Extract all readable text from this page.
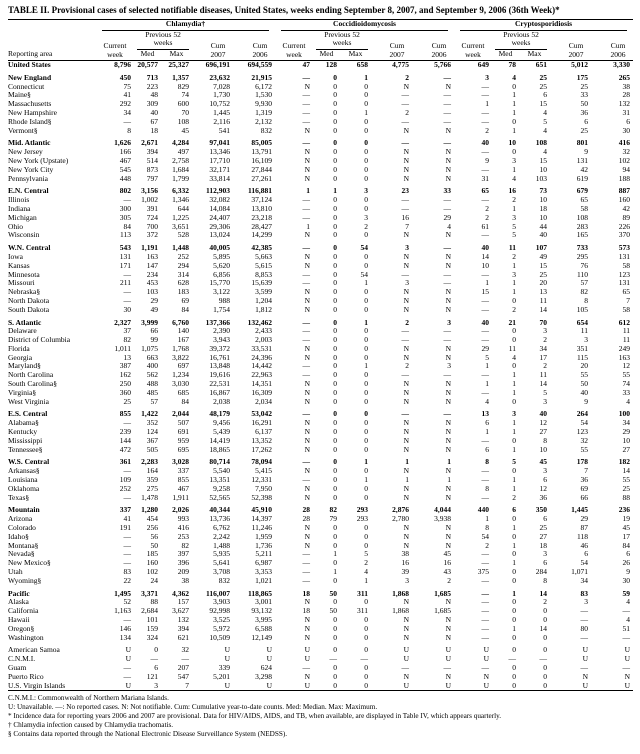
TABLE II. Provisional cases of selected notifiable diseases, United States, weeks ending September 8, 2007, and September 9, 2006 (36th Week)*
Reporting area	Chlamydia†					Coccidioidomycosis					Cryptosporidiosis				

	Current week	Previous 52 weeks		Cum 2007	Cum 2006	Current week	Previous 52 weeks		Cum 2007	Cum 2006	Current week	Previous 52 weeks		Cum 2007	Cum 2006

		Med	Max				Med	Max				Med	Max		
United States	8,796	20,577	25,327	696,191	694,559	47	128	658	4,775	5,766	649	78	651	5,012	3,330

New England	450	713	1,357	23,632	21,915	—	0	1	2	—	3	4	25	175	265
Connecticut	75	223	829	7,028	6,172	N	0	0	N	N	—	0	25	25	38
Maine§	41	48	74	1,730	1,530	—	0	0	—	—	—	1	6	33	28
Massachusetts	292	309	600	10,752	9,930	—	0	0	—	—	1	1	15	50	132
New Hampshire	34	40	70	1,445	1,319	—	0	1	2	—	—	1	4	36	31
Rhode Island§	—	67	108	2,116	2,132	—	0	0	—	—	—	0	5	6	6
Vermont§	8	18	45	541	832	N	0	0	N	N	2	1	4	25	30

Mid. Atlantic	1,626	2,671	4,284	97,041	85,005	—	0	0	—	—	40	10	108	801	416
New Jersey	166	394	497	13,346	13,791	N	0	0	N	N	—	0	4	9	32
New York (Upstate)	467	514	2,758	17,710	16,109	N	0	0	N	N	9	3	15	131	102
New York City	545	873	1,684	32,171	27,844	N	0	0	N	N	—	1	10	42	94
Pennsylvania	448	797	1,799	33,814	27,261	N	0	0	N	N	31	4	103	619	188

E.N. Central	802	3,156	6,332	112,903	116,881	1	1	3	23	33	65	16	73	679	887
Illinois	—	1,002	1,346	32,082	37,124	—	0	0	—	—	—	2	10	65	160
Indiana	300	391	644	14,084	13,810	—	0	0	—	—	2	1	18	58	42
Michigan	305	724	1,225	24,407	23,218	—	0	3	16	29	2	3	10	108	89
Ohio	84	700	3,651	29,306	28,427	1	0	2	7	4	61	5	44	283	226
Wisconsin	113	372	528	13,024	14,299	N	0	0	N	N	—	5	40	165	370

W.N. Central	543	1,191	1,448	40,005	42,385	—	0	54	3	—	40	11	107	733	573
Iowa	131	163	252	5,895	5,663	N	0	0	N	N	14	2	49	295	131
Kansas	171	147	294	5,620	5,615	N	0	0	N	N	10	1	15	76	58
Minnesota	—	234	314	6,856	8,853	—	0	54	—	—	—	3	25	110	123
Missouri	211	453	628	15,770	15,639	—	0	1	3	—	1	1	20	57	131
Nebraska§	—	103	183	3,122	3,599	N	0	0	N	N	15	1	13	82	65
North Dakota	—	29	69	988	1,204	N	0	0	N	N	—	0	11	8	7
South Dakota	30	49	84	1,754	1,812	N	0	0	N	N	—	2	14	105	58

S. Atlantic	2,327	3,999	6,760	137,366	132,462	—	0	1	2	3	40	21	70	654	612
Delaware	37	66	140	2,390	2,433	—	0	0	—	—	—	0	3	11	11
District of Columbia	82	99	167	3,943	2,003	—	0	0	—	—	—	0	2	3	11
Florida	1,011	1,075	1,768	39,372	33,531	N	0	0	N	N	29	11	34	351	249
Georgia	13	663	3,822	16,761	24,396	N	0	0	N	N	5	4	17	115	163
Maryland§	387	400	697	13,848	14,442	—	0	1	2	3	1	0	2	20	12
North Carolina	162	562	1,234	19,616	22,963	—	0	0	—	—	—	1	11	55	55
South Carolina§	250	488	3,030	22,531	14,351	N	0	0	N	N	1	1	14	50	74
Virginia§	360	485	685	16,867	16,309	N	0	0	N	N	—	1	5	40	33
West Virginia	25	57	84	2,038	2,034	N	0	0	N	N	4	0	3	9	4

E.S. Central	855	1,422	2,044	48,179	53,042	—	0	0	—	—	13	3	40	264	100
Alabama§	—	352	507	9,456	16,291	N	0	0	N	N	6	1	12	54	34
Kentucky	239	124	691	5,439	6,137	N	0	0	N	N	1	1	27	123	29
Mississippi	144	367	959	14,419	13,352	N	0	0	N	N	—	0	8	32	10
Tennessee§	472	505	695	18,865	17,262	N	0	0	N	N	6	1	10	55	27

W.S. Central	361	2,283	3,028	80,714	78,094	—	0	1	1	1	8	5	45	178	182
Arkansas§	—	164	337	5,540	5,415	N	0	0	N	N	—	0	3	7	14
Louisiana	109	359	855	13,351	12,331	—	0	1	1	1	—	1	6	36	55
Oklahoma	252	275	467	9,258	7,950	N	0	0	N	N	8	1	12	69	25
Texas§	—	1,478	1,911	52,565	52,398	N	0	0	N	N	—	2	36	66	88

Mountain	337	1,280	2,026	40,344	45,910	28	82	293	2,876	4,044	440	6	350	1,445	236
Arizona	41	454	993	13,736	14,397	28	79	293	2,780	3,938	1	0	6	29	19
Colorado	191	256	416	6,762	11,246	N	0	0	N	N	8	1	25	87	45
Idaho§	—	56	253	2,242	1,959	N	0	0	N	N	54	0	27	118	17
Montana§	—	50	82	1,488	1,736	N	0	0	N	N	2	1	18	46	84
Nevada§	—	185	397	5,935	5,211	—	1	5	38	45	—	0	3	6	6
New Mexico§	—	160	396	5,641	6,987	—	0	2	16	16	—	1	6	54	26
Utah	83	102	209	3,708	3,353	—	1	4	39	43	375	0	284	1,071	9
Wyoming§	22	24	38	832	1,021	—	0	1	3	2	—	0	8	34	30

Pacific	1,495	3,371	4,362	116,007	118,865	18	50	311	1,868	1,685	—	1	14	83	59
Alaska	52	88	157	3,903	3,001	N	0	0	N	N	—	0	2	3	4
California	1,163	2,684	3,627	92,998	93,132	18	50	311	1,868	1,685	—	0	0	—	—
Hawaii	—	101	132	3,525	3,995	N	0	0	N	N	—	0	0	—	4
Oregon§	146	159	394	5,972	6,588	N	0	0	N	N	—	1	14	80	51
Washington	134	324	621	10,509	12,149	N	0	0	N	N	—	0	0	—	—

American Samoa	U	0	32	U	U	U	0	0	U	U	U	0	0	U	U
C.N.M.I.	U	—	—	U	U	U	—	—	U	U	U	—	—	U	U
Guam	—	6	207	339	624	—	0	0	—	—	—	0	0	—	—
Puerto Rico	—	121	547	5,201	3,298	N	0	0	N	N	N	0	0	N	N
U.S. Virgin Islands	U	3	7	U	U	U	0	0	U	U	U	0	0	U	U
C.N.M.I.: Commonwealth of Northern Mariana Islands.
U: Unavailable. —: No reported cases. N: Not notifiable. Cum: Cumulative year-to-date counts. Med: Median. Max: Maximum.
* Incidence data for reporting years 2006 and 2007 are provisional. Data for HIV/AIDS, AIDS, and TB, when available, are displayed in Table IV, which appears quarterly.
† Chlamydia infection caused by Chlamydia trachomatis.
§ Contains data reported through the National Electronic Disease Surveillance System (NEDSS).
